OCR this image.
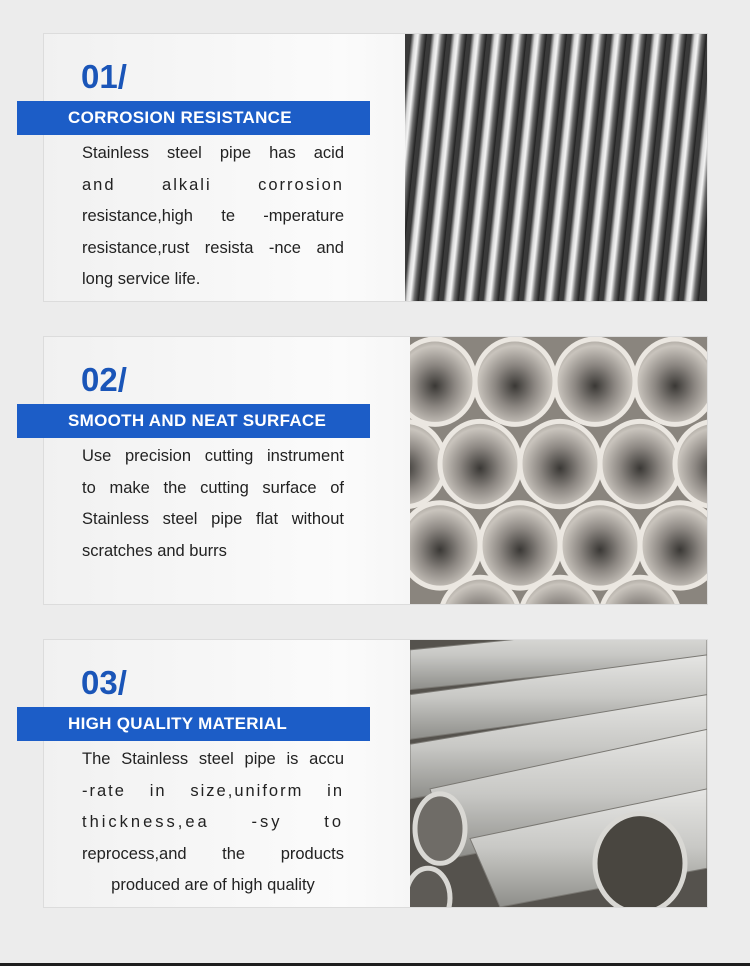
01/
CORROSION RESISTANCE
Stainless steel pipe has acid
and alkali corrosion
resistance,high te -mperature
resistance,rust resista -nce and
long service life.
02/
SMOOTH AND NEAT SURFACE
Use precision cutting instrument
to make the cutting surface of
Stainless steel pipe flat without
scratches and burrs
03/
HIGH QUALITY MATERIAL
The Stainless steel pipe is accu
-rate in size,uniform in
thickness,ea -sy to
reprocess,and the products
produced are of high quality
